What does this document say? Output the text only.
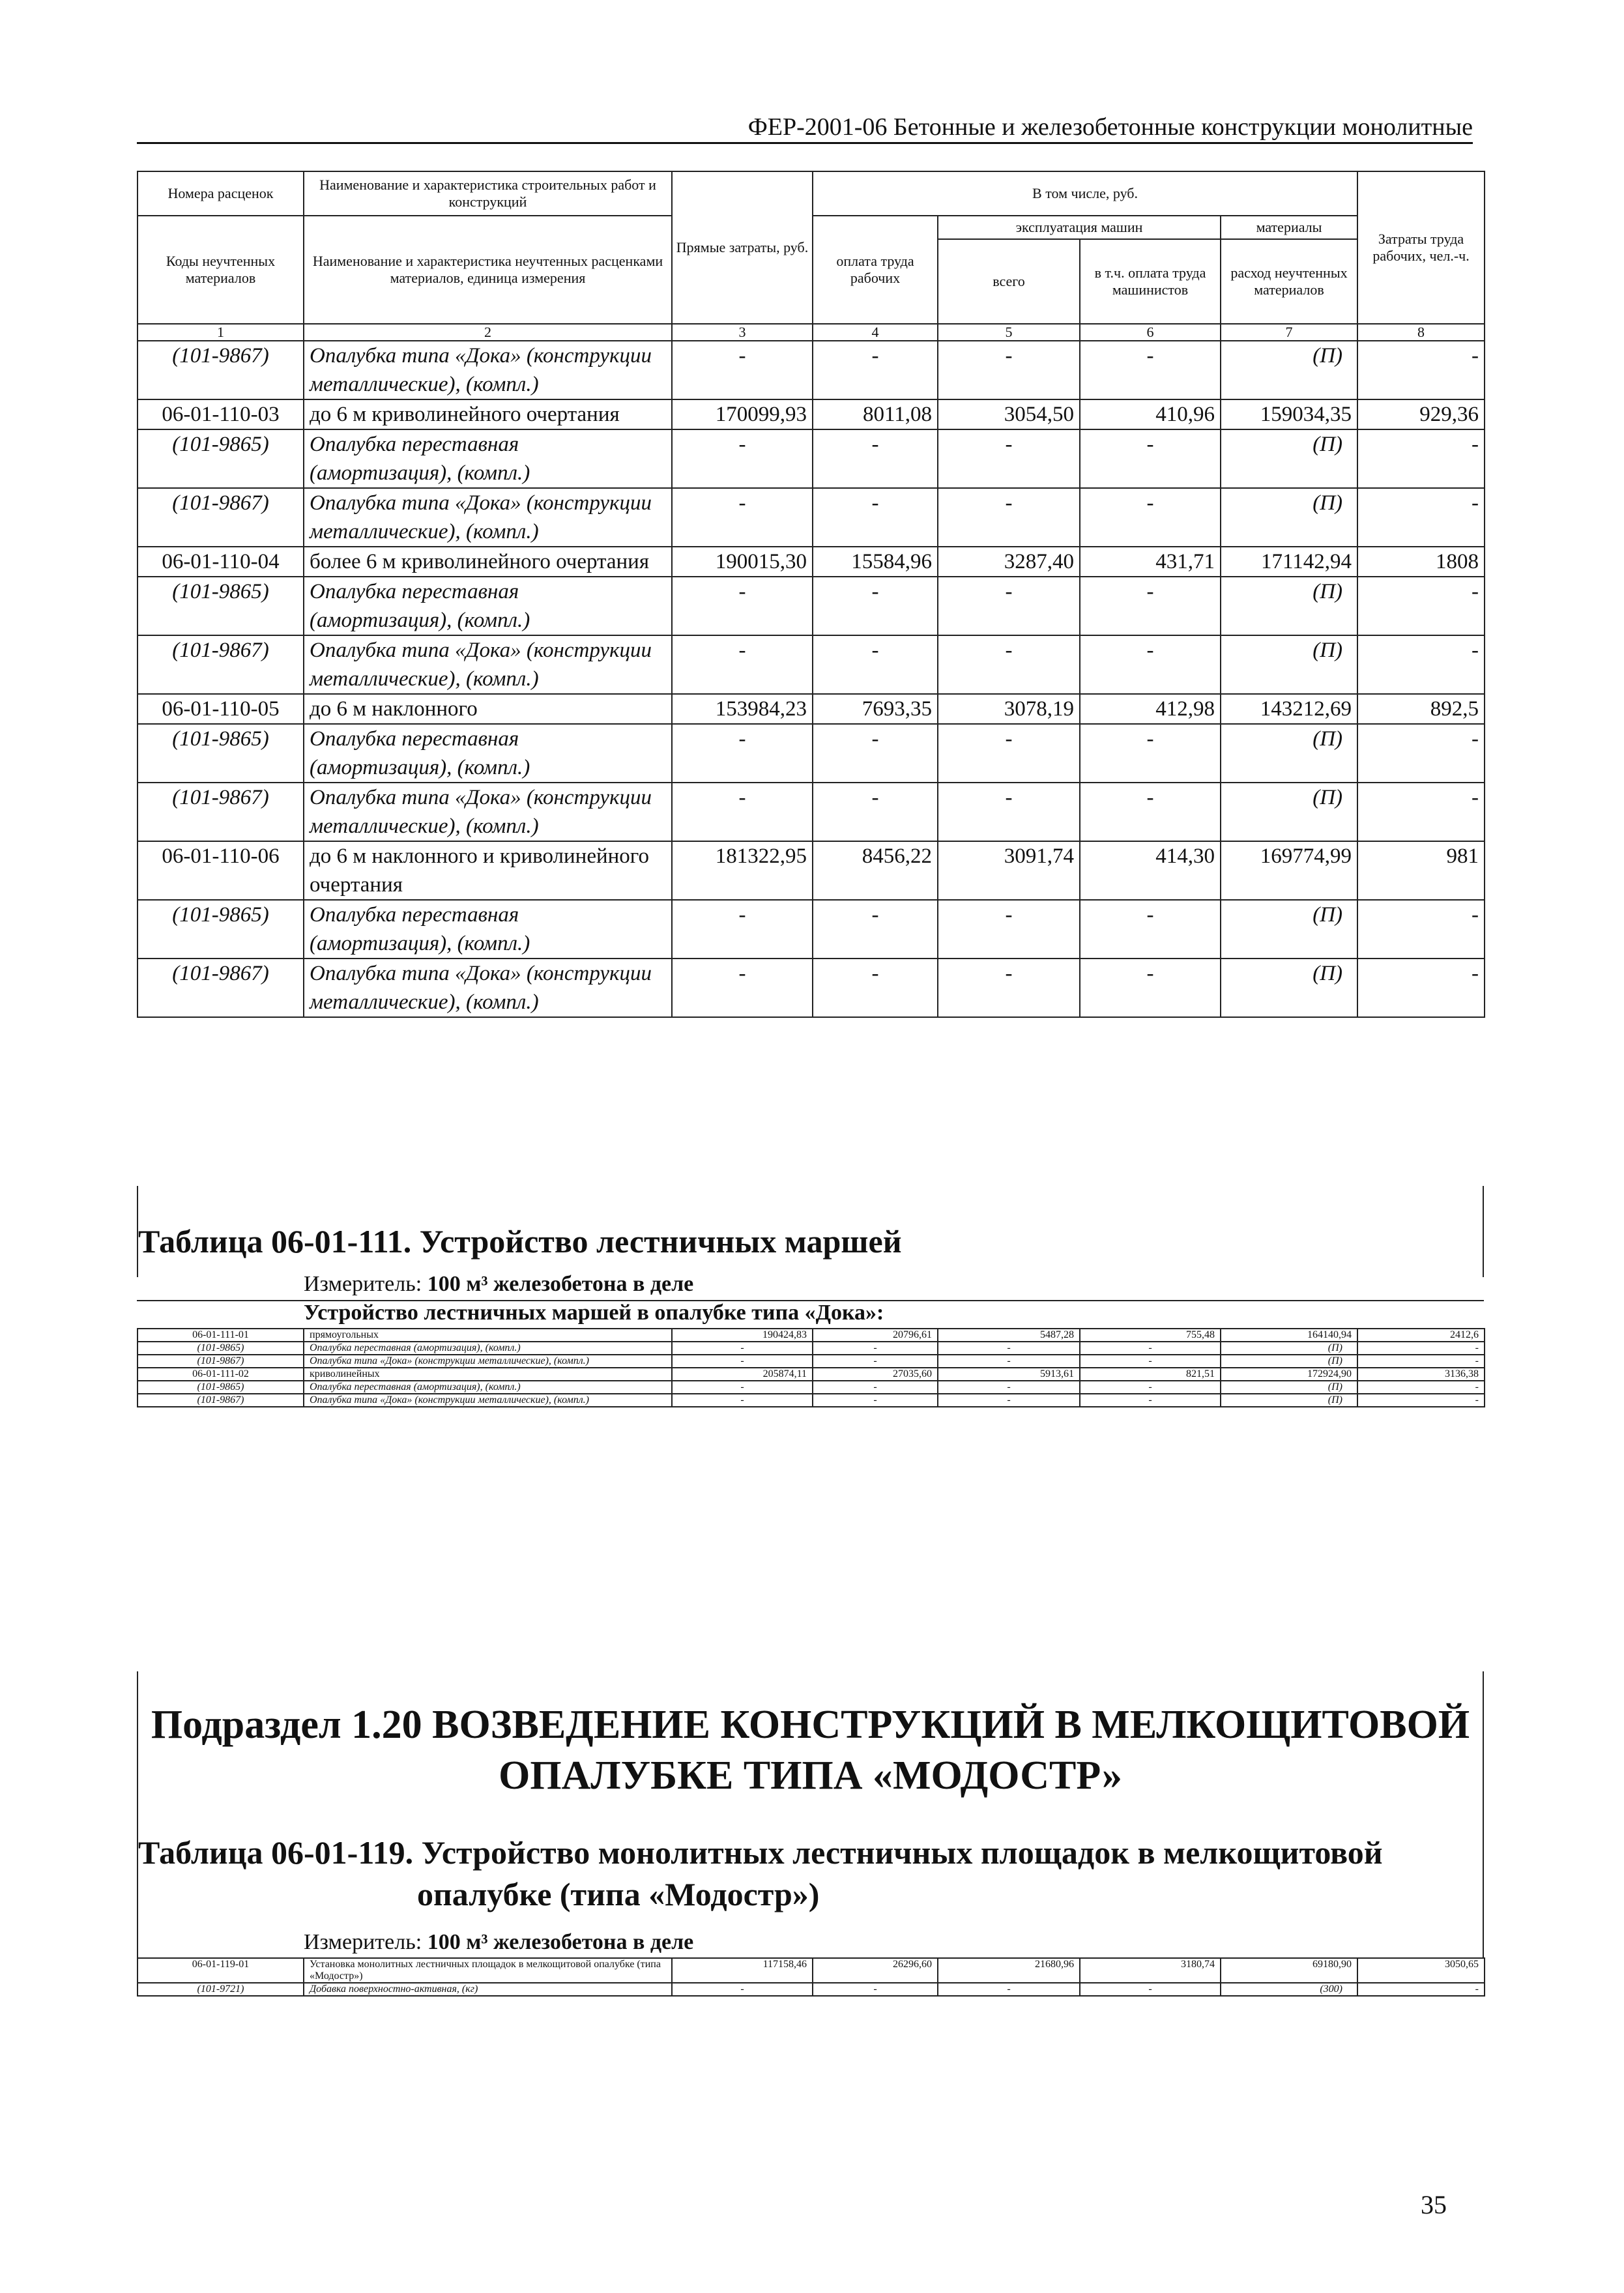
ФЕР-2001-06 Бетонные и железобетонные конструкции монолитные
Номера расценок	Наименование и характеристика строительных работ и конструкций	Прямые затраты, руб.	В том числе, руб.				Затраты труда рабочих, чел.-ч.
Коды неучтенных материалов	Наименование и характеристика неучтенных расценками материалов, единица измерения		оплата труда рабочих	эксплуатация машин		материалы	
				всего	в т.ч. оплата труда машинистов	расход неучтенных материалов	
1	2	3	4	5	6	7	8
(101-9867)	Опалубка типа «Дока» (конструкции металлические), (компл.)	-	-	-	-	(П)	-
06-01-110-03	до 6 м криволинейного очертания	170099,93	8011,08	3054,50	410,96	159034,35	929,36
(101-9865)	Опалубка переставная (амортизация), (компл.)	-	-	-	-	(П)	-
(101-9867)	Опалубка типа «Дока» (конструкции металлические), (компл.)	-	-	-	-	(П)	-
06-01-110-04	более 6 м криволинейного очертания	190015,30	15584,96	3287,40	431,71	171142,94	1808
(101-9865)	Опалубка переставная (амортизация), (компл.)	-	-	-	-	(П)	-
(101-9867)	Опалубка типа «Дока» (конструкции металлические), (компл.)	-	-	-	-	(П)	-
06-01-110-05	до 6 м наклонного	153984,23	7693,35	3078,19	412,98	143212,69	892,5
(101-9865)	Опалубка переставная (амортизация), (компл.)	-	-	-	-	(П)	-
(101-9867)	Опалубка типа «Дока» (конструкции металлические), (компл.)	-	-	-	-	(П)	-
06-01-110-06	до 6 м наклонного и криволинейного очертания	181322,95	8456,22	3091,74	414,30	169774,99	981
(101-9865)	Опалубка переставная (амортизация), (компл.)	-	-	-	-	(П)	-
(101-9867)	Опалубка типа «Дока» (конструкции металлические), (компл.)	-	-	-	-	(П)	-
Таблица 06-01-111. Устройство лестничных маршей
Измеритель: 100 м³ железобетона в деле
Устройство лестничных маршей в опалубке типа «Дока»:
06-01-111-01	прямоугольных	190424,83	20796,61	5487,28	755,48	164140,94	2412,6
(101-9865)	Опалубка переставная (амортизация), (компл.)	-	-	-	-	(П)	-
(101-9867)	Опалубка типа «Дока» (конструкции металлические), (компл.)	-	-	-	-	(П)	-
06-01-111-02	криволинейных	205874,11	27035,60	5913,61	821,51	172924,90	3136,38
(101-9865)	Опалубка переставная (амортизация), (компл.)	-	-	-	-	(П)	-
(101-9867)	Опалубка типа «Дока» (конструкции металлические), (компл.)	-	-	-	-	(П)	-
Подраздел 1.20 ВОЗВЕДЕНИЕ КОНСТРУКЦИЙ В МЕЛКОЩИТОВОЙ
ОПАЛУБКЕ ТИПА «МОДОСТР»
Таблица 06-01-119. Устройство монолитных лестничных площадок в мелкощитовой
опалубке (типа «Модостр»)
Измеритель: 100 м³ железобетона в деле
06-01-119-01	Установка монолитных лестничных площадок в мелкощитовой опалубке (типа «Модостр»)	117158,46	26296,60	21680,96	3180,74	69180,90	3050,65
(101-9721)	Добавка поверхностно-активная, (кг)	-	-	-	-	(300)	-
35
